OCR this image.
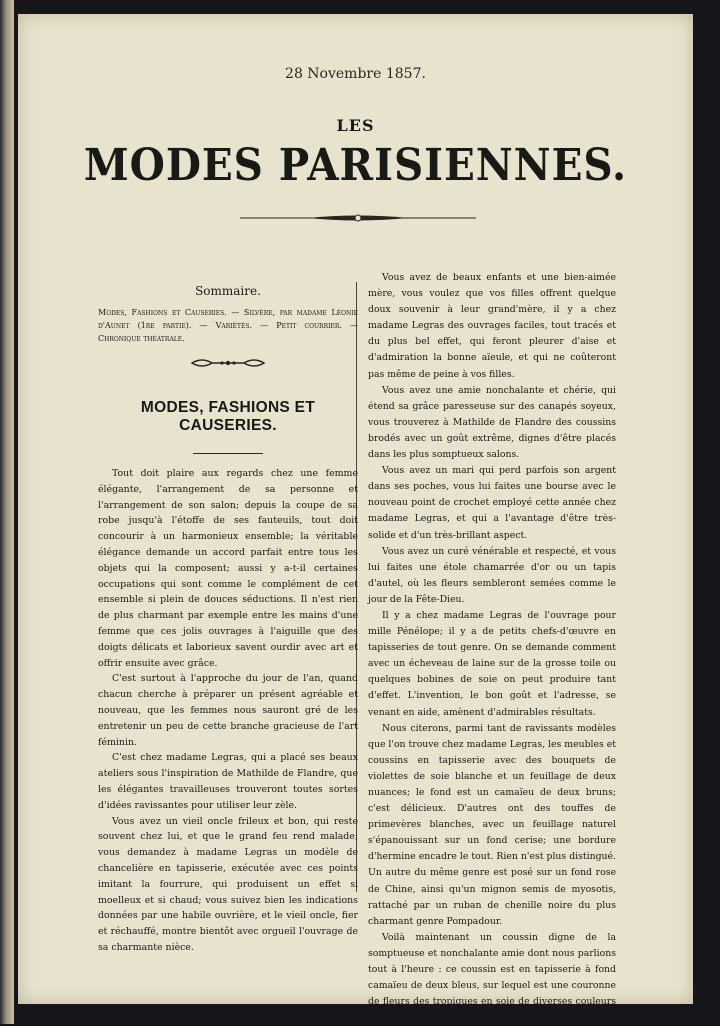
28 Novembre 1857.
LES
MODES PARISIENNES.

Sommaire.

Modes, Fashions et Causeries. — Silvère, par madame Léonie d'Aunet (1re partie). — Variétés. — Petit courrier. — Chronique théatrale.

MODES, FASHIONS ET CAUSERIES.

Tout doit plaire aux regards chez une femme élégante, l'arrangement de sa personne et l'arrangement de son salon; depuis la coupe de sa robe jusqu'à l'étoffe de ses fauteuils, tout doit concourir à un harmonieux ensemble; la véritable élégance demande un accord parfait entre tous les objets qui la composent; aussi y a-t-il certaines occupations qui sont comme le complément de cet ensemble si plein de douces séductions. Il n'est rien de plus charmant par exemple entre les mains d'une femme que ces jolis ouvrages à l'aiguille que des doigts délicats et laborieux savent ourdir avec art et offrir ensuite avec grâce.

C'est surtout à l'approche du jour de l'an, quand chacun cherche à préparer un présent agréable et nouveau, que les femmes nous sauront gré de les entretenir un peu de cette branche gracieuse de l'art féminin.

C'est chez madame Legras, qui a placé ses beaux ateliers sous l'inspiration de Mathilde de Flandre, que les élégantes travailleuses trouveront toutes sortes d'idées ravissantes pour utiliser leur zèle.

Vous avez un vieil oncle frileux et bon, qui reste souvent chez lui, et que le grand feu rend malade; vous demandez à madame Legras un modèle de chancelière en tapisserie, exécutée avec ces points imitant la fourrure, qui produisent un effet si moelleux et si chaud; vous suivez bien les indications données par une habile ouvrière, et le vieil oncle, fier et réchauffé, montre bientôt avec orgueil l'ouvrage de sa charmante nièce.

Vous avez de beaux enfants et une bien-aimée mère, vous voulez que vos filles offrent quelque doux souvenir à leur grand'mère, il y a chez madame Legras des ouvrages faciles, tout tracés et du plus bel effet, qui feront pleurer d'aise et d'admiration la bonne aïeule, et qui ne coûteront pas même de peine à vos filles.

Vous avez une amie nonchalante et chérie, qui étend sa grâce paresseuse sur des canapés soyeux, vous trouverez à Mathilde de Flandre des coussins brodés avec un goût extrême, dignes d'être placés dans les plus somptueux salons.

Vous avez un mari qui perd parfois son argent dans ses poches, vous lui faites une bourse avec le nouveau point de crochet employé cette année chez madame Legras, et qui a l'avantage d'être très-solide et d'un très-brillant aspect.

Vous avez un curé vénérable et respecté, et vous lui faites une étole chamarrée d'or ou un tapis d'autel, où les fleurs sembleront semées comme le jour de la Fête-Dieu.

Il y a chez madame Legras de l'ouvrage pour mille Pénélope; il y a de petits chefs-d'œuvre en tapisseries de tout genre. On se demande comment avec un écheveau de laine sur de la grosse toile ou quelques bobines de soie on peut produire tant d'effet. L'invention, le bon goût et l'adresse, se venant en aide, amènent d'admirables résultats.

Nous citerons, parmi tant de ravissants modèles que l'on trouve chez madame Legras, les meubles et coussins en tapisserie avec des bouquets de violettes de soie blanche et un feuillage de deux nuances; le fond est un camaïeu de deux bruns; c'est délicieux. D'autres ont des touffes de primevères blanches, avec un feuillage naturel s'épanouissant sur un fond cerise; une bordure d'hermine encadre le tout. Rien n'est plus distingué. Un autre du même genre est posé sur un fond rose de Chine, ainsi qu'un mignon semis de myosotis, rattaché par un ruban de chenille noire du plus charmant genre Pompadour.

Voilà maintenant un coussin digne de la somptueuse et nonchalante amie dont nous parlions tout à l'heure : ce coussin est en tapisserie à fond camaïeu de deux bleus, sur lequel est une couronne de fleurs des tropiques en soie de diverses couleurs ; au milieu des fleurs
